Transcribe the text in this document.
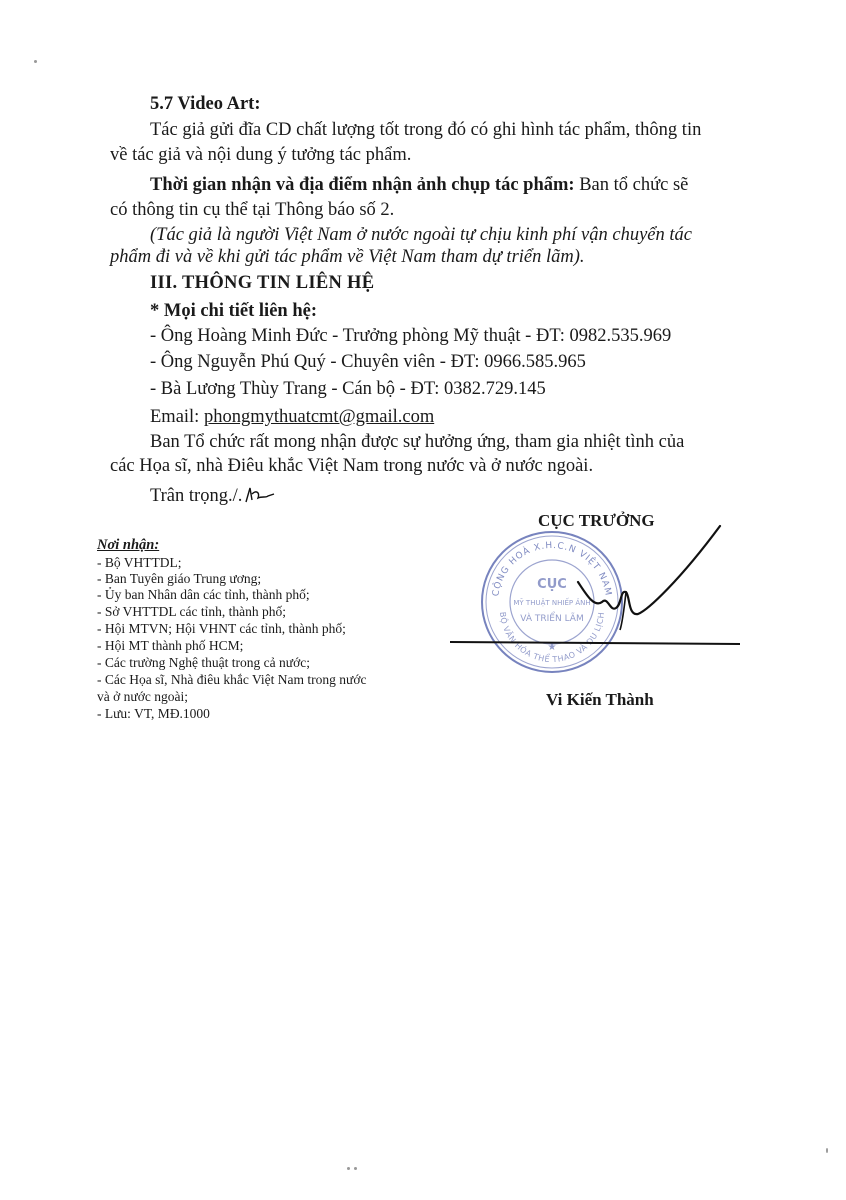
5.7 Video Art:
Tác giả gửi đĩa CD chất lượng tốt trong đó có ghi hình tác phẩm, thông tin
về tác giả và nội dung ý tưởng tác phẩm.
Thời gian nhận và địa điểm nhận ảnh chụp tác phẩm: Ban tổ chức sẽ
có thông tin cụ thể tại Thông báo số 2.
(Tác giả là người Việt Nam ở nước ngoài tự chịu kinh phí vận chuyển tác
phẩm đi và về khi gửi tác phẩm về Việt Nam tham dự triển lãm).
III. THÔNG TIN LIÊN HỆ
* Mọi chi tiết liên hệ:
- Ông Hoàng Minh Đức - Trưởng phòng Mỹ thuật - ĐT: 0982.535.969
- Ông Nguyễn Phú Quý - Chuyên viên - ĐT: 0966.585.965
- Bà Lương Thùy Trang - Cán bộ - ĐT: 0382.729.145
Email: phongmythuatcmt@gmail.com
Ban Tổ chức rất mong nhận được sự hưởng ứng, tham gia nhiệt tình của
các Họa sĩ, nhà Điêu khắc Việt Nam trong nước và ở nước ngoài.
Trân trọng./.
Nơi nhận:
- Bộ VHTTDL;
- Ban Tuyên giáo Trung ương;
- Ủy ban Nhân dân các tỉnh, thành phố;
- Sở VHTTDL các tỉnh, thành phố;
- Hội MTVN; Hội VHNT các tỉnh, thành phố;
- Hội MT thành phố HCM;
- Các trường Nghệ thuật trong cả nước;
- Các Họa sĩ, Nhà điêu khắc Việt Nam trong nước
và ở nước ngoài;
- Lưu: VT, MĐ.1000
CỤC TRƯỞNG
CỘNG HOÀ X.H.C.N VIỆT NAM
BỘ VĂN HÓA THỂ THAO VÀ DU LỊCH
CỤC
MỸ THUẬT NHIẾP ẢNH
VÀ TRIỂN LÃM
★
Vi Kiến Thành
